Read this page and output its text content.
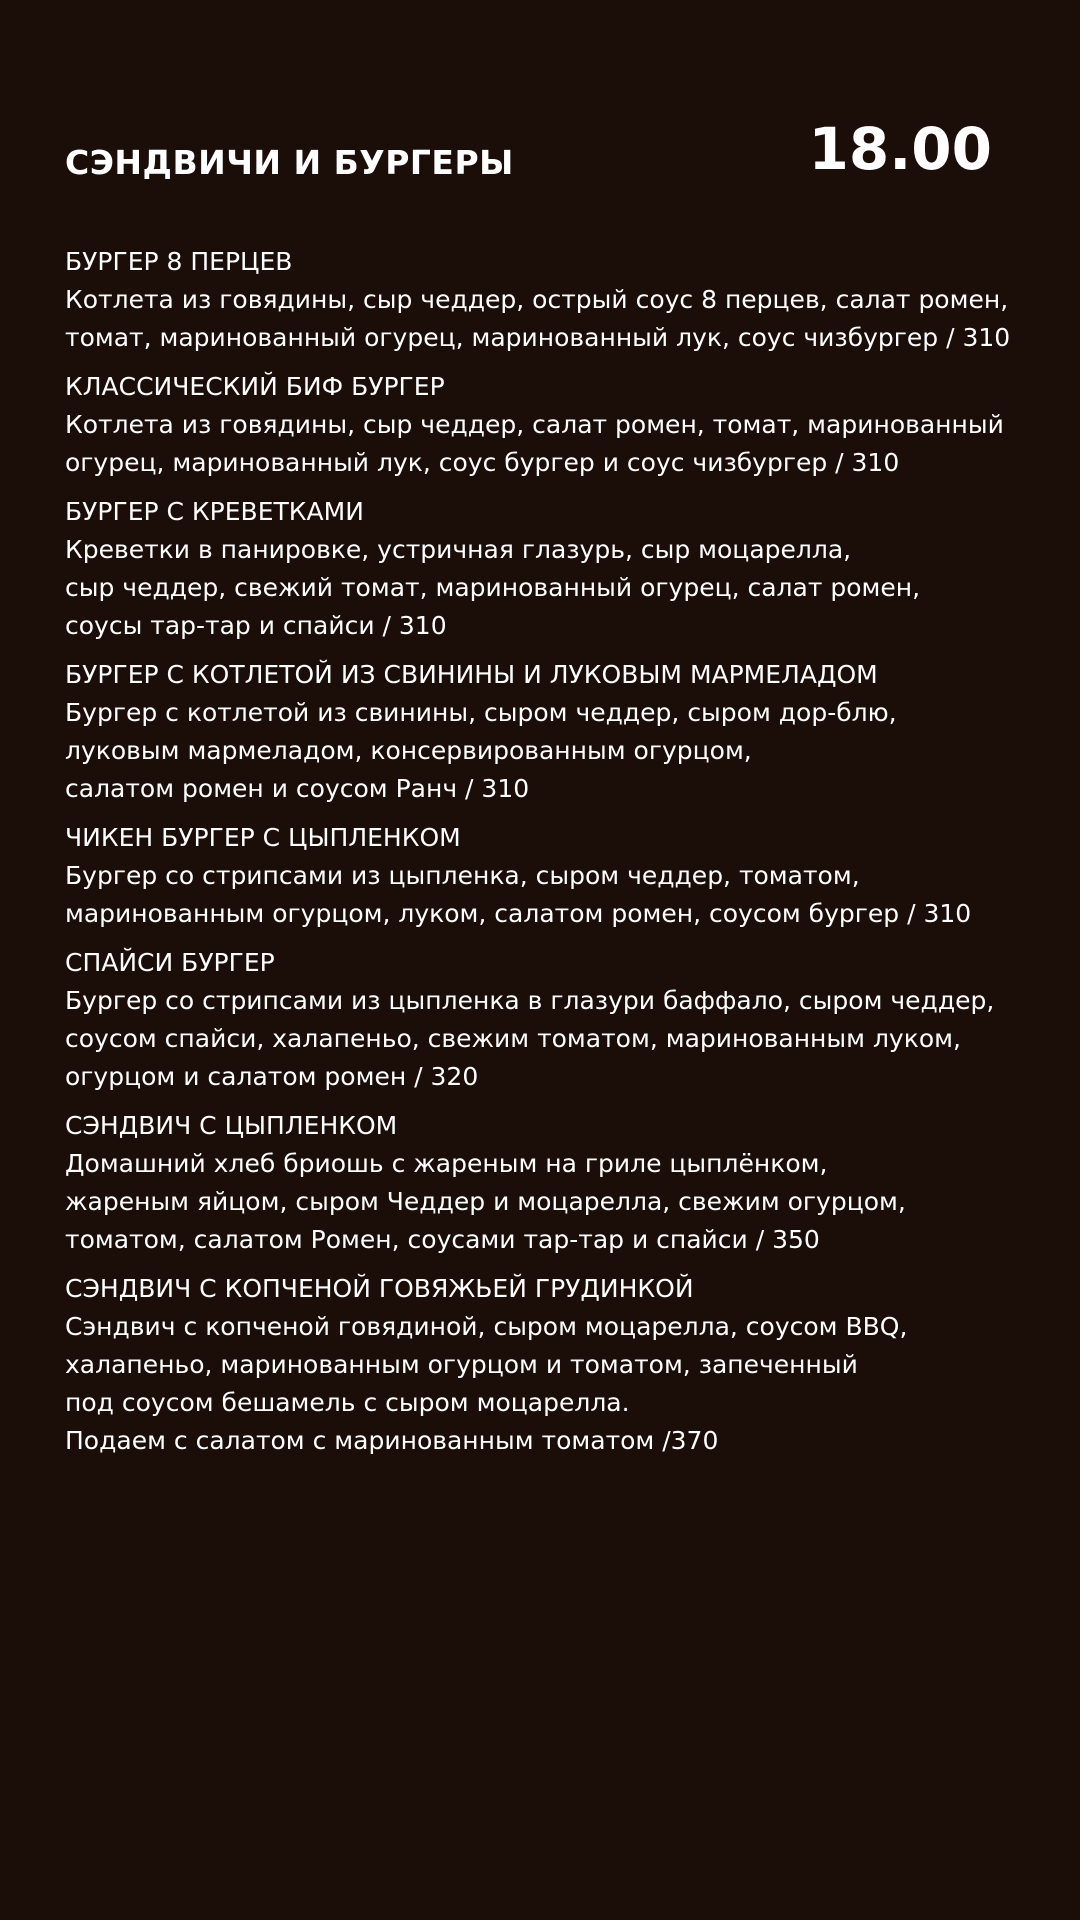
СЭНДВИЧИ И БУРГЕРЫ	18.00
БУРГЕР 8 ПЕРЦЕВ
Котлета из говядины, сыр чеддер, острый соус 8 перцев, салат ромен,
томат, маринованный огурец, маринованный лук, соус чизбургер / 310
КЛАССИЧЕСКИЙ БИФ БУРГЕР
Котлета из говядины, сыр чеддер, салат ромен, томат, маринованный
огурец, маринованный лук, соус бургер и соус чизбургер / 310
БУРГЕР С КРЕВЕТКАМИ
Креветки в панировке, устричная глазурь, сыр моцарелла,
сыр чеддер, свежий томат, маринованный огурец, салат ромен,
соусы тар-тар и спайси / 310
БУРГЕР С КОТЛЕТОЙ ИЗ СВИНИНЫ И ЛУКОВЫМ МАРМЕЛАДОМ
Бургер с котлетой из свинины, сыром чеддер, сыром дор-блю,
луковым мармеладом, консервированным огурцом,
салатом ромен и соусом Ранч / 310
ЧИКЕН БУРГЕР С ЦЫПЛЕНКОМ
Бургер со стрипсами из цыпленка, сыром чеддер, томатом,
маринованным огурцом, луком, салатом ромен, соусом бургер / 310
СПАЙСИ БУРГЕР
Бургер со стрипсами из цыпленка в глазури баффало, сыром чеддер,
соусом спайси, халапеньо, свежим томатом, маринованным луком,
огурцом и салатом ромен / 320
СЭНДВИЧ С ЦЫПЛЕНКОМ
Домашний хлеб бриошь с жареным на гриле цыплёнком,
жареным яйцом, сыром Чеддер и моцарелла, свежим огурцом,
томатом, салатом Ромен, соусами тар-тар и спайси / 350
СЭНДВИЧ С КОПЧЕНОЙ ГОВЯЖЬЕЙ ГРУДИНКОЙ
Сэндвич с копченой говядиной, сыром моцарелла, соусом BBQ,
халапеньо, маринованным огурцом и томатом, запеченный
под соусом бешамель с сыром моцарелла.
Подаем с салатом с маринованным томатом /370
